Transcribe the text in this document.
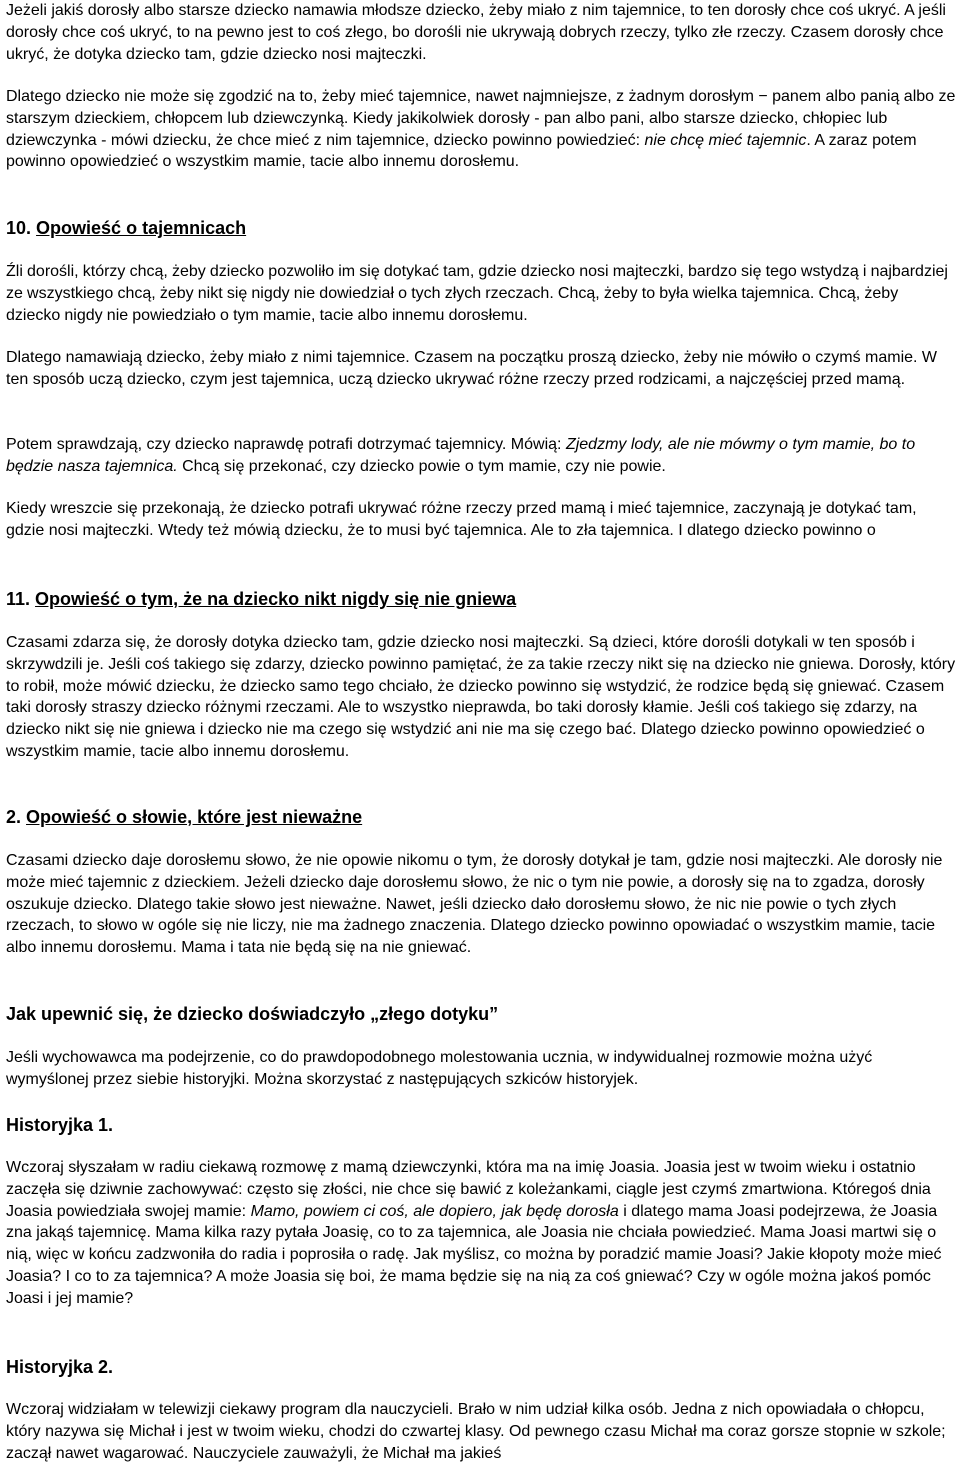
Jeżeli jakiś dorosły albo starsze dziecko namawia młodsze dziecko, żeby miało z nim tajemnice, to ten dorosły chce coś ukryć. A jeśli dorosły chce coś ukryć, to na pewno jest to coś złego, bo dorośli nie ukrywają dobrych rzeczy, tylko złe rzeczy. Czasem dorosły chce ukryć, że dotyka dziecko tam, gdzie dziecko nosi majteczki.

Dlatego dziecko nie może się zgodzić na to, żeby mieć tajemnice, nawet najmniejsze, z żadnym dorosłym − panem albo panią albo ze starszym dzieckiem, chłopcem lub dziewczynką. Kiedy jakikolwiek dorosły - pan albo pani, albo starsze dziecko, chłopiec lub dziewczynka - mówi dziecku, że chce mieć z nim tajemnice, dziecko powinno powiedzieć: nie chcę mieć tajemnic. A zaraz potem powinno opowiedzieć o wszystkim mamie, tacie albo innemu dorosłemu.

10. Opowieść o tajemnicach

Źli dorośli, którzy chcą, żeby dziecko pozwoliło im się dotykać tam, gdzie dziecko nosi majteczki, bardzo się tego wstydzą i najbardziej ze wszystkiego chcą, żeby nikt się nigdy nie dowiedział o tych złych rzeczach. Chcą, żeby to była wielka tajemnica. Chcą, żeby dziecko nigdy nie powiedziało o tym mamie, tacie albo innemu dorosłemu.

Dlatego namawiają dziecko, żeby miało z nimi tajemnice. Czasem na początku proszą dziecko, żeby nie mówiło o czymś mamie. W ten sposób uczą dziecko, czym jest tajemnica, uczą dziecko ukrywać różne rzeczy przed rodzicami, a najczęściej przed mamą.

Potem sprawdzają, czy dziecko naprawdę potrafi dotrzymać tajemnicy. Mówią: Zjedzmy lody, ale nie mówmy o tym mamie, bo to będzie nasza tajemnica. Chcą się przekonać, czy dziecko powie o tym mamie, czy nie powie.

Kiedy wreszcie się przekonają, że dziecko potrafi ukrywać różne rzeczy przed mamą i mieć tajemnice, zaczynają je dotykać tam, gdzie nosi majteczki. Wtedy też mówią dziecku, że to musi być tajemnica. Ale to zła tajemnica. I dlatego dziecko powinno o

11. Opowieść o tym, że na dziecko nikt nigdy się nie gniewa

Czasami zdarza się, że dorosły dotyka dziecko tam, gdzie dziecko nosi majteczki. Są dzieci, które dorośli dotykali w ten sposób i skrzywdzili je. Jeśli coś takiego się zdarzy, dziecko powinno pamiętać, że za takie rzeczy nikt się na dziecko nie gniewa. Dorosły, który to robił, może mówić dziecku, że dziecko samo tego chciało, że dziecko powinno się wstydzić, że rodzice będą się gniewać. Czasem taki dorosły straszy dziecko różnymi rzeczami. Ale to wszystko nieprawda, bo taki dorosły kłamie. Jeśli coś takiego się zdarzy, na dziecko nikt się nie gniewa i dziecko nie ma czego się wstydzić ani nie ma się czego bać. Dlatego dziecko powinno opowiedzieć o wszystkim mamie, tacie albo innemu dorosłemu.

2. Opowieść o słowie, które jest nieważne

Czasami dziecko daje dorosłemu słowo, że nie opowie nikomu o tym, że dorosły dotykał je tam, gdzie nosi majteczki. Ale dorosły nie może mieć tajemnic z dzieckiem. Jeżeli dziecko daje dorosłemu słowo, że nic o tym nie powie, a dorosły się na to zgadza, dorosły oszukuje dziecko. Dlatego takie słowo jest nieważne. Nawet, jeśli dziecko dało dorosłemu słowo, że nic nie powie o tych złych rzeczach, to słowo w ogóle się nie liczy, nie ma żadnego znaczenia. Dlatego dziecko powinno opowiadać o wszystkim mamie, tacie albo innemu dorosłemu. Mama i tata nie będą się na nie gniewać.

Jak upewnić się, że dziecko doświadczyło „złego dotyku”

Jeśli wychowawca ma podejrzenie, co do prawdopodobnego molestowania ucznia, w indywidualnej rozmowie można użyć wymyślonej przez siebie historyjki. Można skorzystać z następujących szkiców historyjek.

Historyjka 1.

Wczoraj słyszałam w radiu ciekawą rozmowę z mamą dziewczynki, która ma na imię Joasia. Joasia jest w twoim wieku i ostatnio zaczęła się dziwnie zachowywać: często się złości, nie chce się bawić z koleżankami, ciągle jest czymś zmartwiona. Któregoś dnia Joasia powiedziała swojej mamie: Mamo, powiem ci coś, ale dopiero, jak będę dorosła i dlatego mama Joasi podejrzewa, że Joasia zna jakąś tajemnicę. Mama kilka razy pytała Joasię, co to za tajemnica, ale Joasia nie chciała powiedzieć. Mama Joasi martwi się o nią, więc w końcu zadzwoniła do radia i poprosiła o radę. Jak myślisz, co można by poradzić mamie Joasi? Jakie kłopoty może mieć Joasia? I co to za tajemnica? A może Joasia się boi, że mama będzie się na nią za coś gniewać? Czy w ogóle można jakoś pomóc Joasi i jej mamie?

Historyjka 2.

Wczoraj widziałam w telewizji ciekawy program dla nauczycieli. Brało w nim udział kilka osób. Jedna z nich opowiadała o chłopcu, który nazywa się Michał i jest w twoim wieku, chodzi do czwartej klasy. Od pewnego czasu Michał ma coraz gorsze stopnie w szkole; zaczął nawet wagarować. Nauczyciele zauważyli, że Michał ma jakieś
